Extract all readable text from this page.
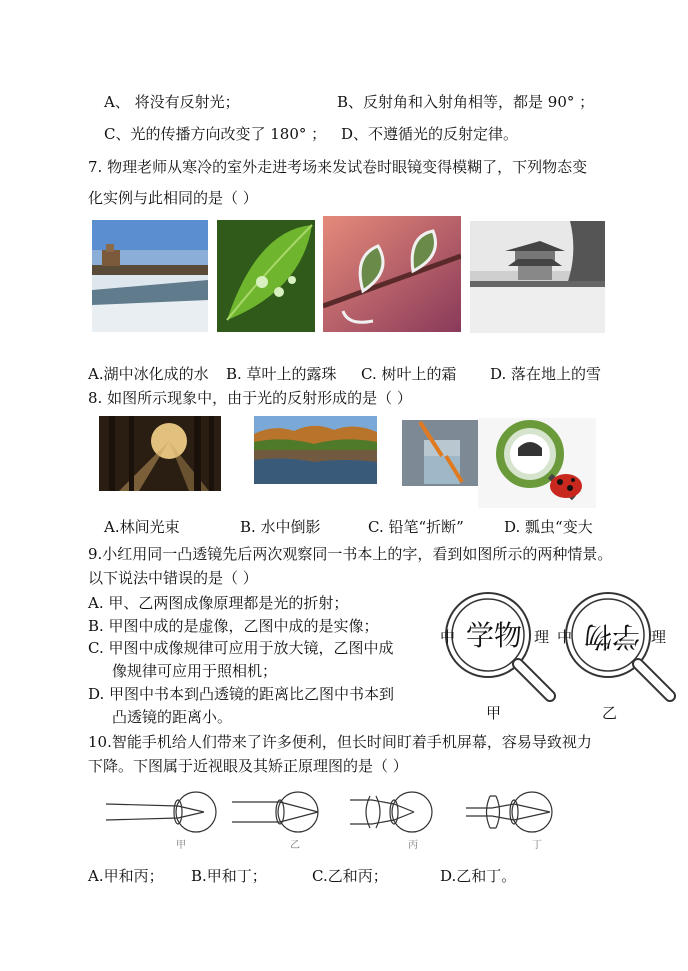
A、 将没有反射光；	B、反射角和入射角相等，都是 90° ；
C、光的传播方向改变了 180° ； D、不遵循光的反射定律。
7. 物理老师从寒冷的室外走进考场来发试卷时眼镜变得模糊了，下列物态变
化实例与此相同的是（ ）
A.湖中冰化成的水 B. 草叶上的露珠 C. 树叶上的霜 D. 落在地上的雪
8. 如图所示现象中，由于光的反射形成的是（ ）
A.林间光束	B. 水中倒影	C. 铅笔“折断”	D. 瓢虫“变大
9.小红用同一凸透镜先后两次观察同一书本上的字，看到如图所示的两种情景。
以下说法中错误的是（ ）
A. 甲、乙两图成像原理都是光的折射；
B. 甲图中成的是虚像，乙图中成的是实像；
C. 甲图中成像规律可应用于放大镜，乙图中成
像规律可应用于照相机；
D. 甲图中书本到凸透镜的距离比乙图中书本到
凸透镜的距离小。
中 学物 理 中 学物 理
甲	乙
10.智能手机给人们带来了许多便利，但长时间盯着手机屏幕，容易导致视力
下降。下图属于近视眼及其矫正原理图的是（ ）
甲	乙	丙	丁
A.甲和丙； B.甲和丁；	C.乙和丙；	D.乙和丁。
